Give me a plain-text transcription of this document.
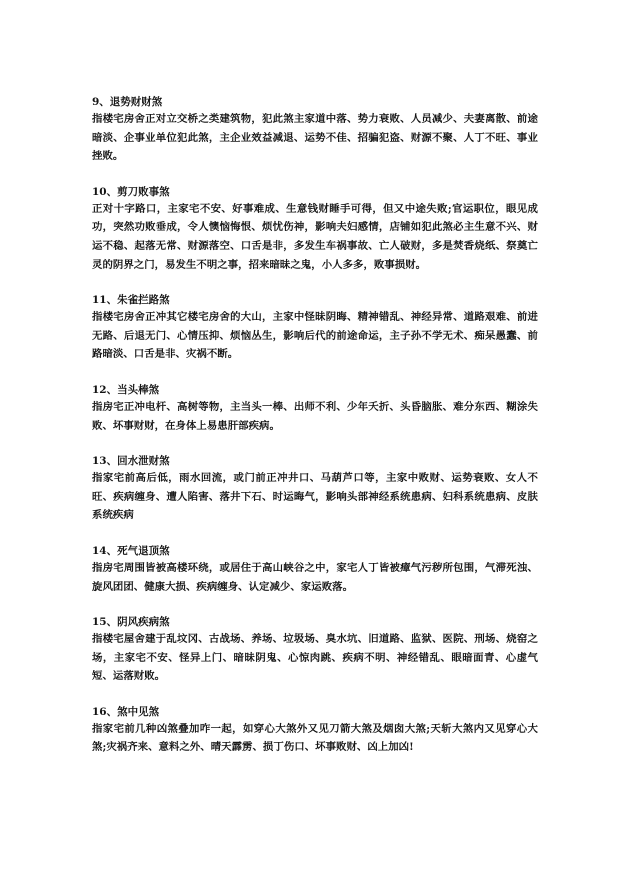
9、退势财财煞

指楼宅房舍正对立交桥之类建筑物，犯此煞主家道中落、势力衰败、人员减少、夫妻离散、前途暗淡、企事业单位犯此煞，主企业效益减退、运势不佳、招骗犯盗、财源不聚、人丁不旺、事业挫败。

10、剪刀败事煞

正对十字路口，主家宅不安、好事难成、生意钱财睡手可得，但又中途失败;官运职位，眼见成功，突然功败垂成，令人懊恼悔恨、烦忧伤神，影响夫妇感情，店铺如犯此煞必主生意不兴、财运不稳、起落无常、财源落空、口舌是非，多发生车祸事故、亡人破财，多是焚香烧纸、祭奠亡灵的阴界之门，易发生不明之事，招来暗昧之鬼，小人多多，败事损财。

11、朱雀拦路煞

指楼宅房舍正冲其它楼宅房舍的大山，主家中怪昧阴晦、精神错乱、神经异常、道路艰难、前进无路、后退无门、心情压抑、烦恼丛生，影响后代的前途命运，主子孙不学无术、痴呆愚蠢、前路暗淡、口舌是非、灾祸不断。

12、当头棒煞

指房宅正冲电杆、高树等物，主当头一棒、出师不利、少年夭折、头昏脑胀、难分东西、糊涂失败、坏事财财，在身体上易患肝部疾病。

13、回水泄财煞

指家宅前高后低，雨水回流，或门前正冲井口、马葫芦口等，主家中败财、运势衰败、女人不旺、疾病缠身、遭人陷害、落井下石、时运晦气，影响头部神经系统患病、妇科系统患病、皮肤系统疾病

14、死气退顶煞

指房宅周围皆被高楼环绕，或居住于高山峡谷之中，家宅人丁皆被瘴气污秽所包围，气滞死浊、旋风团团、健康大损、疾病缠身、认定减少、家运败落。

15、阴风疾病煞

指楼宅屋舍建于乱坟冈、古战场、养场、垃圾场、臭水坑、旧道路、监狱、医院、刑场、烧窑之场，主家宅不安、怪异上门、暗昧阴鬼、心惊肉跳、疾病不明、神经错乱、眼暗面青、心虚气短、运落财败。

16、煞中见煞

指家宅前几种凶煞叠加咋一起，如穿心大煞外又见刀箭大煞及烟囱大煞;天斩大煞内又见穿心大煞;灾祸齐来、意料之外、晴天霹雳、损丁伤口、坏事败财、凶上加凶!
